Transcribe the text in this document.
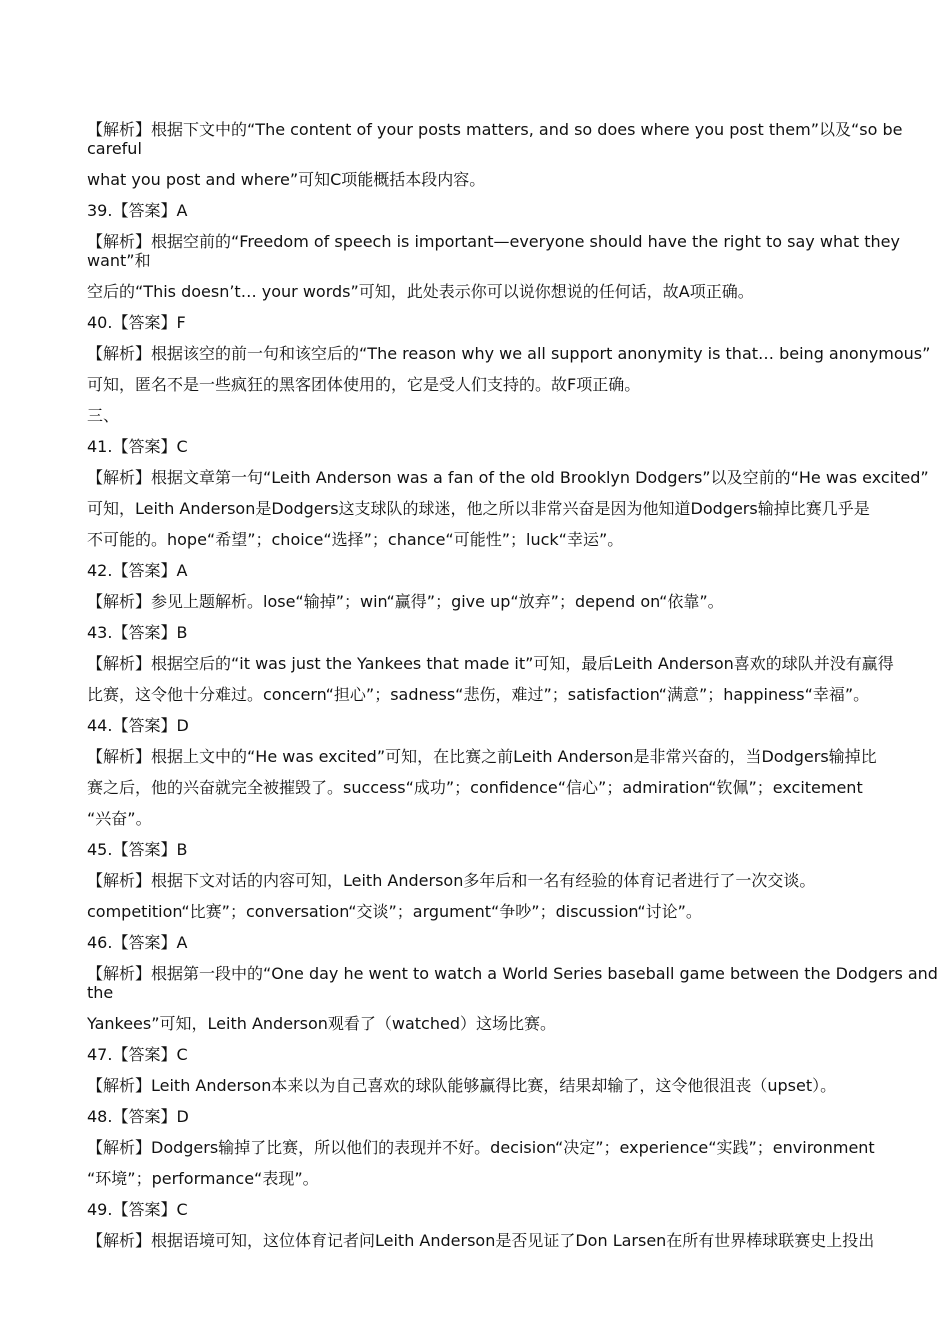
【解析】根据下文中的“The content of your posts matters, and so does where you post them”以及“so be careful

what you post and where”可知C项能概括本段内容。

39.【答案】A

【解析】根据空前的“Freedom of speech is important—everyone should have the right to say what they want”和

空后的“This doesn’t… your words”可知，此处表示你可以说你想说的任何话，故A项正确。

40.【答案】F

【解析】根据该空的前一句和该空后的“The reason why we all support anonymity is that… being anonymous”

可知，匿名不是一些疯狂的黑客团体使用的，它是受人们支持的。故F项正确。

三、

41.【答案】C

【解析】根据文章第一句“Leith Anderson was a fan of the old Brooklyn Dodgers”以及空前的“He was excited”

可知，Leith Anderson是Dodgers这支球队的球迷，他之所以非常兴奋是因为他知道Dodgers输掉比赛几乎是

不可能的。hope“希望”；choice“选择”；chance“可能性”；luck“幸运”。

42.【答案】A

【解析】参见上题解析。lose“输掉”；win“赢得”；give up“放弃”；depend on“依靠”。

43.【答案】B

【解析】根据空后的“it was just the Yankees that made it”可知，最后Leith Anderson喜欢的球队并没有赢得

比赛，这令他十分难过。concern“担心”；sadness“悲伤，难过”；satisfaction“满意”；happiness“幸福”。

44.【答案】D

【解析】根据上文中的“He was excited”可知，在比赛之前Leith Anderson是非常兴奋的，当Dodgers输掉比

赛之后，他的兴奋就完全被摧毁了。success“成功”；confidence“信心”；admiration“钦佩”；excitement

“兴奋”。

45.【答案】B

【解析】根据下文对话的内容可知，Leith Anderson多年后和一名有经验的体育记者进行了一次交谈。

competition“比赛”；conversation“交谈”；argument“争吵”；discussion“讨论”。

46.【答案】A

【解析】根据第一段中的“One day he went to watch a World Series baseball game between the Dodgers and the

Yankees”可知，Leith Anderson观看了（watched）这场比赛。

47.【答案】C

【解析】Leith Anderson本来以为自己喜欢的球队能够赢得比赛，结果却输了，这令他很沮丧（upset）。

48.【答案】D

【解析】Dodgers输掉了比赛，所以他们的表现并不好。decision“决定”；experience“实践”；environment

“环境”；performance“表现”。

49.【答案】C

【解析】根据语境可知，这位体育记者问Leith Anderson是否见证了Don Larsen在所有世界棒球联赛史上投出
